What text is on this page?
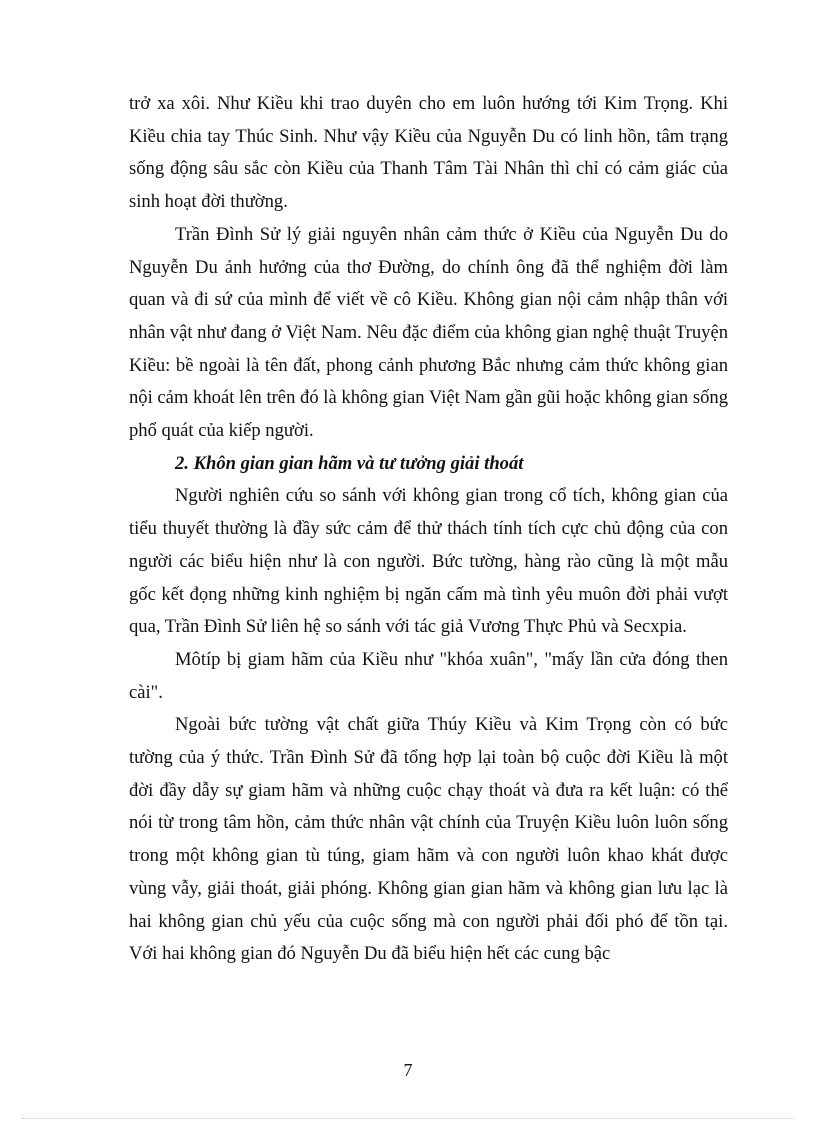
trở xa xôi. Như Kiều khi trao duyên cho em luôn hướng tới Kim Trọng. Khi Kiều chia tay Thúc Sinh. Như vậy Kiều của Nguyễn Du có linh hồn, tâm trạng sống động sâu sắc còn Kiều của Thanh Tâm Tài Nhân thì chỉ có cảm giác của sinh hoạt đời thường.

Trần Đình Sử lý giải nguyên nhân cảm thức ở Kiều của Nguyễn Du do Nguyễn Du ảnh hưởng của thơ Đường, do chính ông đã thể nghiệm đời làm quan và đi sứ của mình để viết về cô Kiều. Không gian nội cảm nhập thân với nhân vật như đang ở Việt Nam. Nêu đặc điểm của không gian nghệ thuật Truyện Kiều: bề ngoài là tên đất, phong cảnh phương Bắc nhưng cảm thức không gian nội cảm khoát lên trên đó là không gian Việt Nam gần gũi hoặc không gian sống phổ quát của kiếp người.

2. Khôn gian gian hãm và tư tưởng giải thoát

Người nghiên cứu so sánh với không gian trong cổ tích, không gian của tiểu thuyết thường là đầy sức cảm để thử thách tính tích cực chủ động của con người các biểu hiện như là con người. Bức tường, hàng rào cũng là một mẫu gốc kết đọng những kinh nghiệm bị ngăn cấm mà tình yêu muôn đời phải vượt qua, Trần Đình Sử liên hệ so sánh với tác giả Vương Thực Phủ và Secxpia.

Môtíp bị giam hãm của Kiều như "khóa xuân", "mấy lần cửa đóng then cài".

Ngoài bức tường vật chất giữa Thúy Kiều và Kim Trọng còn có bức tường của ý thức. Trần Đình Sử đã tổng hợp lại toàn bộ cuộc đời Kiều là một đời đầy dẫy sự giam hãm và những cuộc chạy thoát và đưa ra kết luận: có thể nói từ trong tâm hồn, cảm thức nhân vật chính của Truyện Kiều luôn luôn sống trong một không gian tù túng, giam hãm và con người luôn khao khát được vùng vẫy, giải thoát, giải phóng. Không gian gian hãm và không gian lưu lạc là hai không gian chủ yếu của cuộc sống mà con người phải đối phó để tồn tại. Với hai không gian đó Nguyễn Du đã biểu hiện hết các cung bậc

7
